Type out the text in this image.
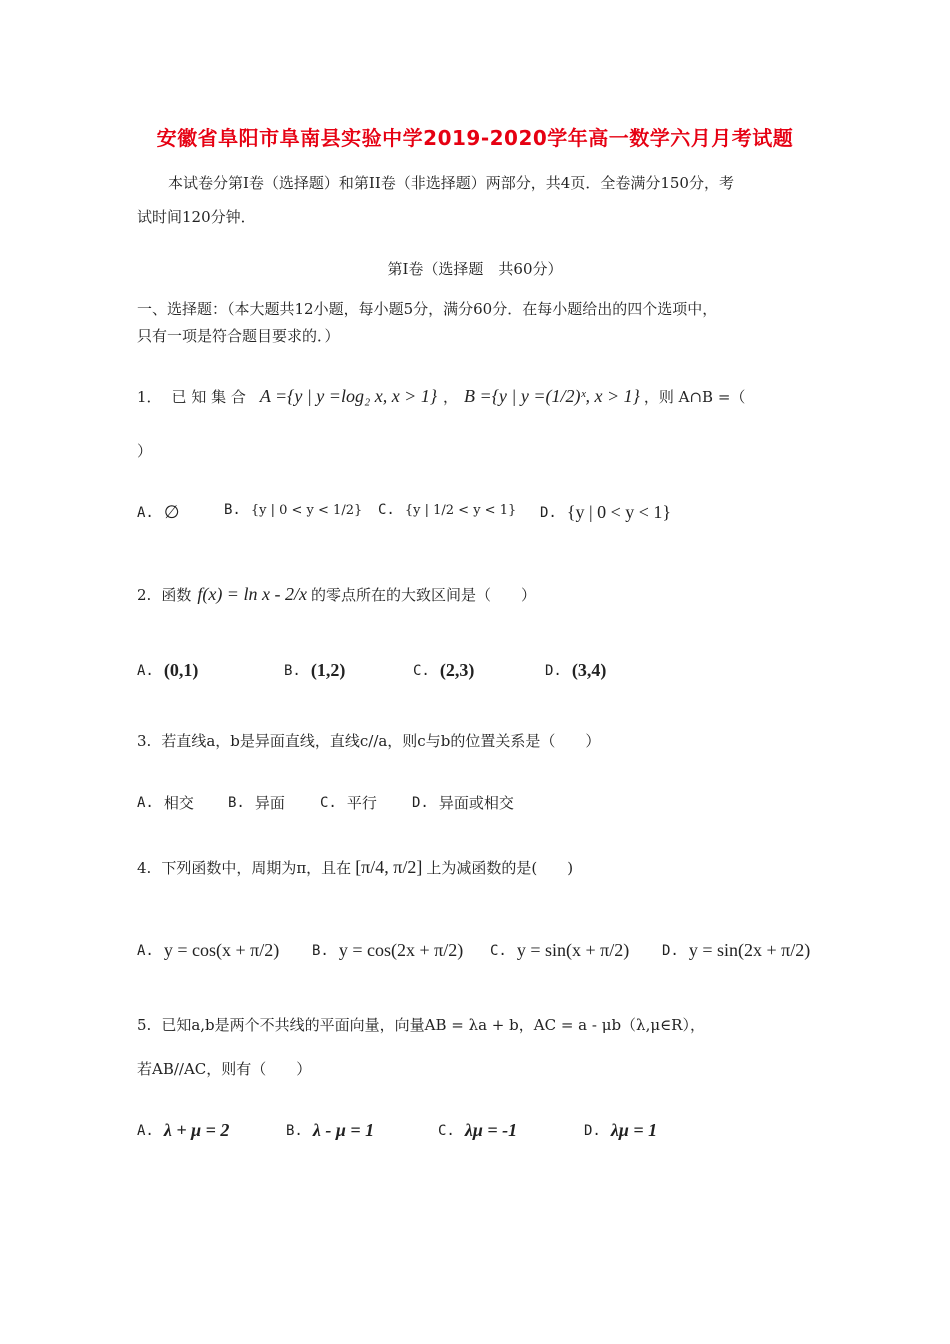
安徽省阜阳市阜南县实验中学2019-2020学年高一数学六月月考试题
本试卷分第Ⅰ卷（选择题）和第II卷（非选择题）两部分，共4页．全卷满分150分，考
试时间120分钟．
第Ⅰ卷（选择题　共60分）
一、选择题：（本大题共12小题，每小题5分，满分60分．在每小题给出的四个选项中，
只有一项是符合题目要求的．）
1． 已 知 集 合 A ={y | y =log₂ x, x > 1} ， B ={y | y =(1/2)ˣ, x > 1} ，则 A∩B =（
）
A. ∅	B. {y | 0 < y < 1/2} C. {y | 1/2 < y < 1} D. {y | 0 < y < 1}
2. 函数 f(x) = ln x - 2/x 的零点所在的大致区间是（　　）
A. (0,1)	B. (1,2)	C. (2,3)	D. (3,4)
3. 若直线a，b是异面直线，直线c//a，则c与b的位置关系是（　　）
A. 相交 B. 异面	C. 平行	D. 异面或相交
4. 下列函数中，周期为π，且在 [π/4, π/2] 上为减函数的是(　　)
A. y = cos(x + π/2) B. y = cos(2x + π/2) C. y = sin(x + π/2) D. y = sin(2x + π/2)
5. 已知a,b是两个不共线的平面向量，向量AB = λa + b，AC = a - μb（λ,μ∈R），
若AB//AC，则有（　　）
A. λ + μ = 2	B. λ - μ = 1	C. λμ = -1	D. λμ = 1
